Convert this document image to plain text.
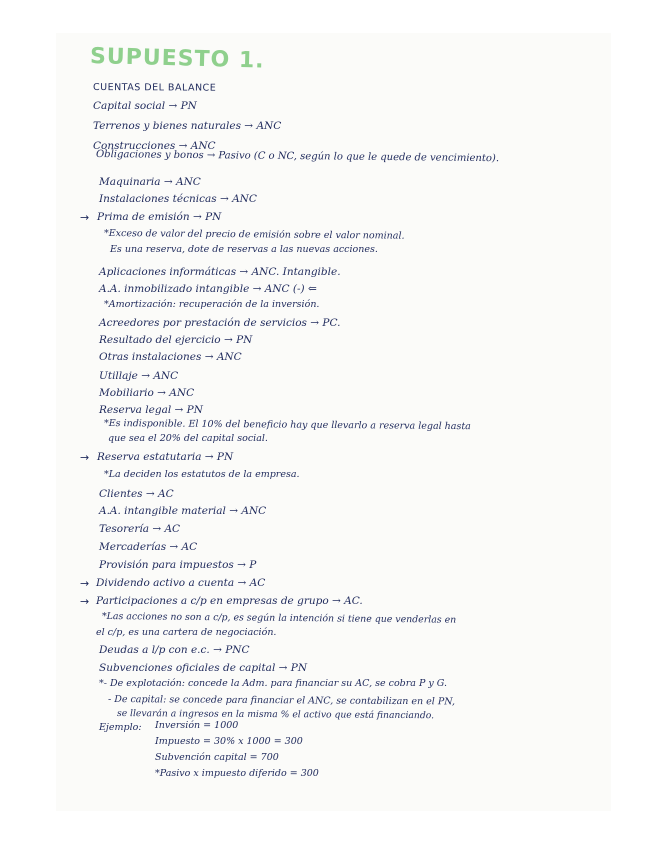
SUPUESTO 1.
CUENTAS DEL BALANCE
Capital social → PN
Terrenos y bienes naturales → ANC
Construcciones → ANC
Obligaciones y bonos → Pasivo (C o NC, según lo que le quede de vencimiento).
Maquinaria → ANC
Instalaciones técnicas → ANC
→ Prima de emisión → PN
*Exceso de valor del precio de emisión sobre el valor nominal.
Es una reserva, dote de reservas a las nuevas acciones.
Aplicaciones informáticas → ANC. Intangible.
A.A. inmobilizado intangible → ANC (-) ⇐
*Amortización: recuperación de la inversión.
Acreedores por prestación de servicios → PC.
Resultado del ejercicio → PN
Otras instalaciones → ANC
Utillaje → ANC
Mobiliario → ANC
Reserva legal → PN
*Es indisponible. El 10% del beneficio hay que llevarlo a reserva legal hasta
que sea el 20% del capital social.
→ Reserva estatutaria → PN
*La deciden los estatutos de la empresa.
Clientes → AC
A.A. intangible material → ANC
Tesorería → AC
Mercaderías → AC
Provisión para impuestos → P
→ Dividendo activo a cuenta → AC
→ Participaciones a c/p en empresas de grupo → AC.
*Las acciones no son a c/p, es según la intención si tiene que venderlas en
el c/p, es una cartera de negociación.
Deudas a l/p con e.c. → PNC
Subvenciones oficiales de capital → PN
*- De explotación: concede la Adm. para financiar su AC, se cobra P y G.
- De capital: se concede para financiar el ANC, se contabilizan en el PN,
se llevarán a ingresos en la misma % el activo que está financiando.
Ejemplo: Inversión = 1000
Impuesto = 30% x 1000 = 300
Subvención capital = 700
*Pasivo x impuesto diferido = 300
